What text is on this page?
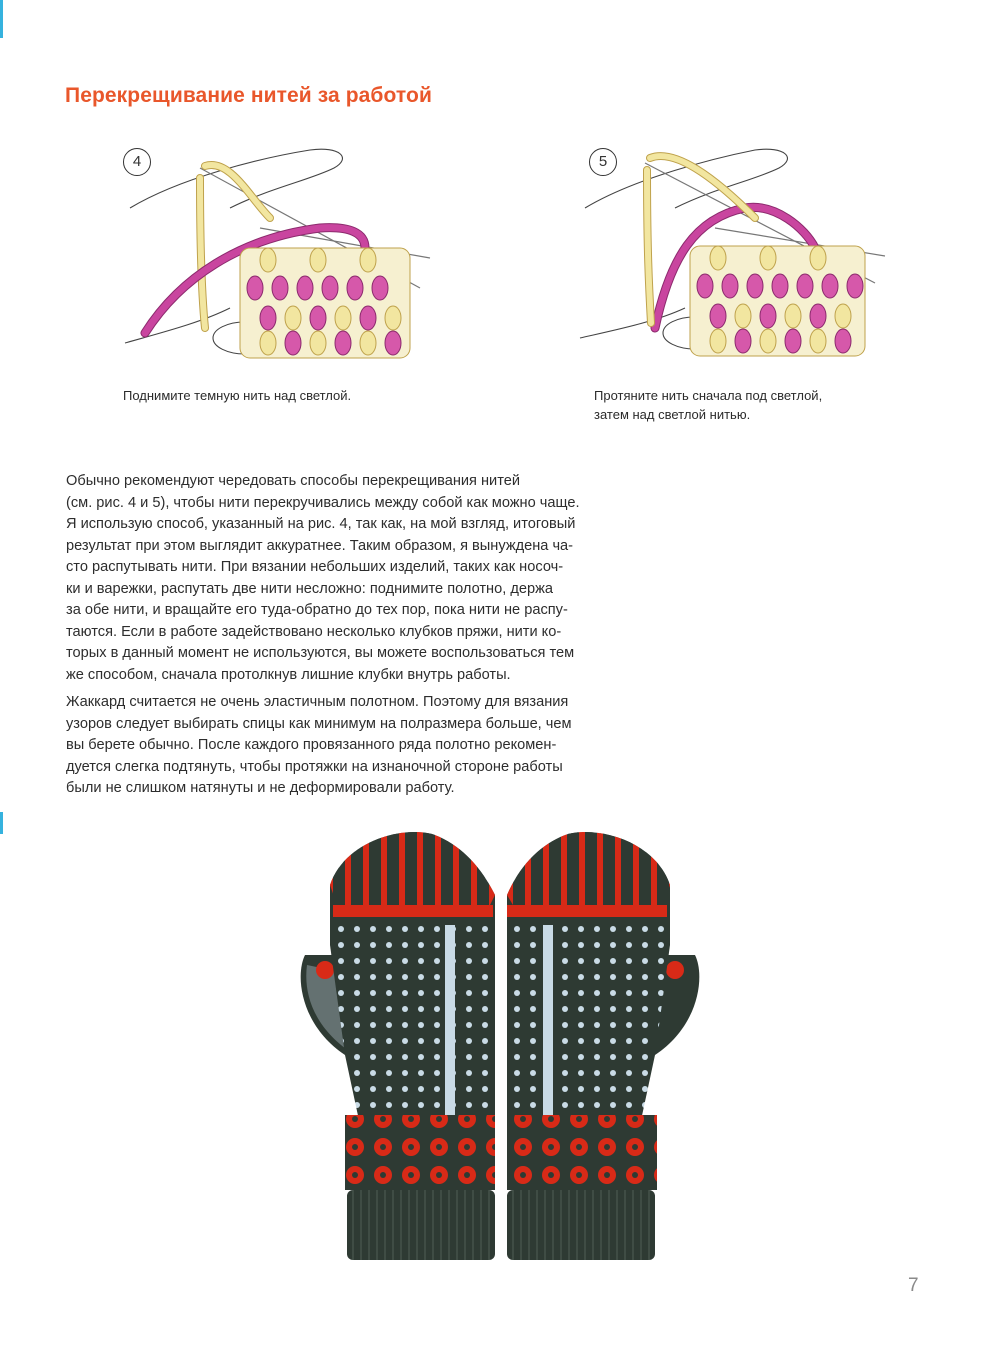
Перекрещивание нитей за работой
4
Поднимите темную нить над светлой.
5
Протяните нить сначала под светлой,
затем над светлой нитью.

Обычно рекомендуют чередовать способы перекрещивания нитей
(см. рис. 4 и 5), чтобы нити перекручивались между собой как можно чаще.
Я использую способ, указанный на рис. 4, так как, на мой взгляд, итоговый
результат при этом выглядит аккуратнее. Таким образом, я вынуждена ча-
сто распутывать нити. При вязании небольших изделий, таких как носоч-
ки и варежки, распутать две нити несложно: поднимите полотно, держа
за обе нити, и вращайте его туда-обратно до тех пор, пока нити не распу-
таются. Если в работе задействовано несколько клубков пряжи, нити ко-
торых в данный момент не используются, вы можете воспользоваться тем
же способом, сначала протолкнув лишние клубки внутрь работы.

Жаккард считается не очень эластичным полотном. Поэтому для вязания
узоров следует выбирать спицы как минимум на полразмера больше, чем
вы берете обычно. После каждого провязанного ряда полотно рекомен-
дуется слегка подтянуть, чтобы протяжки на изнаночной стороне работы
были не слишком натянуты и не деформировали работу.

7
